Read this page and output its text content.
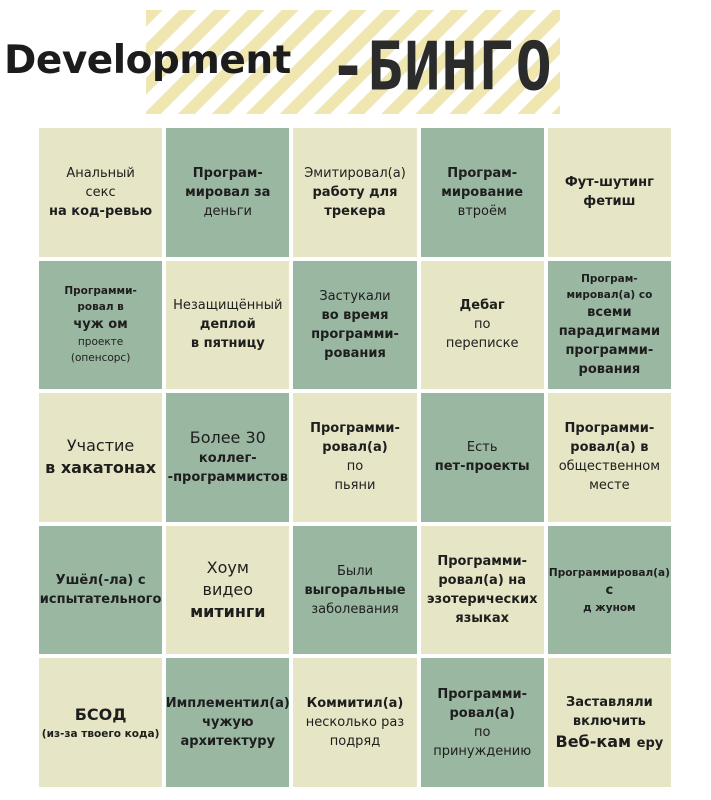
Development -БИНГО
Анальный
секс
на код-ревью
Програм-
мировал за
деньги
Эмитировал(а)
работу для
трекера
Програм-
мирование
втроём
Фут-шутинг
фетиш
Программи-
ровал в
чуж ом
проекте
(опенсорс)
Незащищённый
деплой
в пятницу
Застукали
во время
программи-
рования
Дебаг
по
переписке
Програм-
мировал(а) со
всеми
парадигмами
программи-
рования
Участие
в хакатонах
Более 30
коллег-
-программистов
Программи-
ровал(а)
по
пьяни
Есть
пет-проекты
Программи-
ровал(а) в
общественном
месте
Ушёл(-ла) с
испытательного
Хоум
видео
митинги
Были
выгоральные
заболевания
Программи-
ровал(а) на
эзотерических
языках
Программировал(а)
с
д жуном
БСОД
(из-за твоего кода)
Имплементил(а)
чужую
архитектуру
Коммитил(а)
несколько раз
подряд
Программи-
ровал(а)
по
принуждению
Заставляли
включить
Веб-кам еру
